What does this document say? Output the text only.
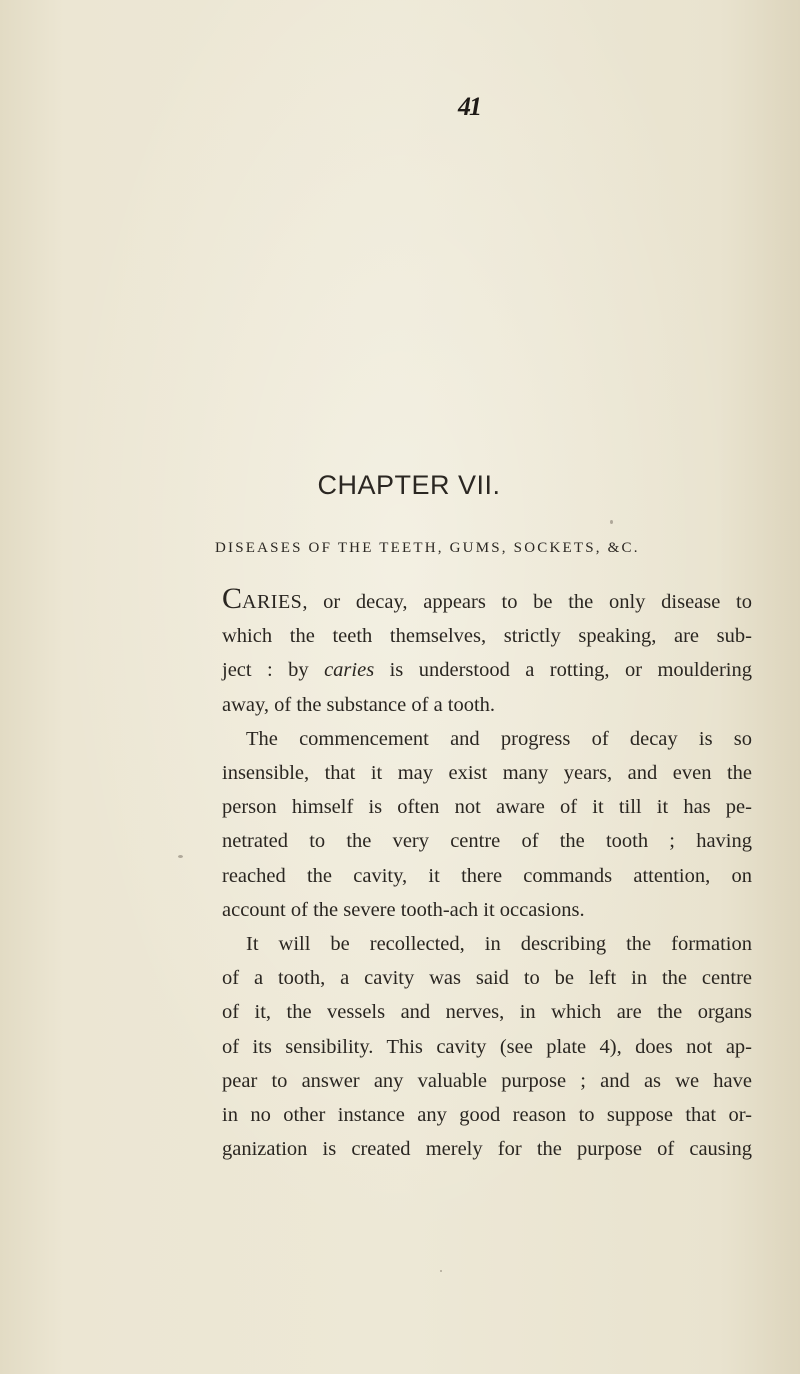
41
CHAPTER VII.
DISEASES OF THE TEETH, GUMS, SOCKETS, &C.

CARIES, or decay, appears to be the only disease to
which the teeth themselves, strictly speaking, are sub-
ject : by caries is understood a rotting, or mouldering
away, of the substance of a tooth.

The commencement and progress of decay is so
insensible, that it may exist many years, and even the
person himself is often not aware of it till it has pe-
netrated to the very centre of the tooth ; having
reached the cavity, it there commands attention, on
account of the severe tooth-ach it occasions.

It will be recollected, in describing the formation
of a tooth, a cavity was said to be left in the centre
of it, the vessels and nerves, in which are the organs
of its sensibility. This cavity (see plate 4), does not ap-
pear to answer any valuable purpose ; and as we have
in no other instance any good reason to suppose that or-
ganization is created merely for the purpose of causing
